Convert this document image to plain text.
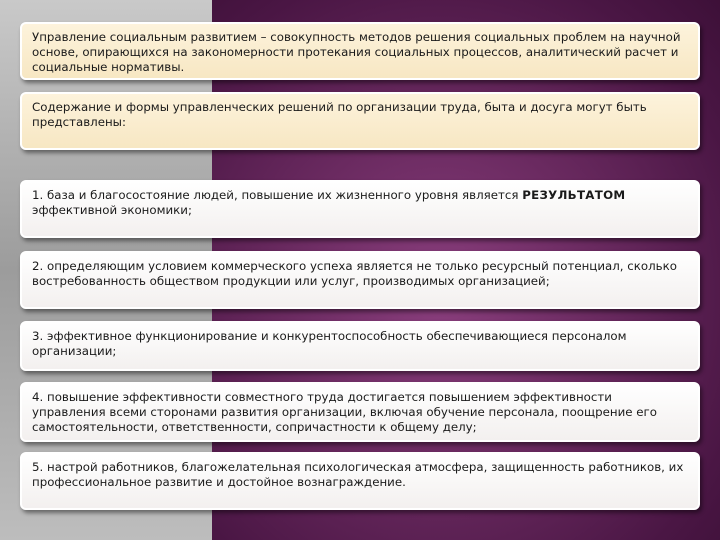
Управление социальным развитием – совокупность методов решения социальных проблем на научной основе, опирающихся на закономерности протекания социальных процессов, аналитический расчет и социальные нормативы.
Содержание и формы управленческих решений по организации труда, быта и досуга могут быть представлены:
1. база и благосостояние людей, повышение их жизненного уровня является РЕЗУЛЬТАТОМ эффективной экономики;
2. определяющим условием коммерческого успеха является не только ресурсный потенциал, сколько востребованность обществом продукции или услуг, производимых организацией;
3. эффективное функционирование и конкурентоспособность обеспечивающиеся персоналом организации;
4. повышение эффективности совместного труда достигается повышением эффективности управления всеми сторонами развития организации, включая обучение персонала, поощрение его самостоятельности, ответственности, сопричастности к общему делу;
5. настрой работников, благожелательная психологическая атмосфера, защищенность работников, их профессиональное развитие и достойное вознаграждение.
